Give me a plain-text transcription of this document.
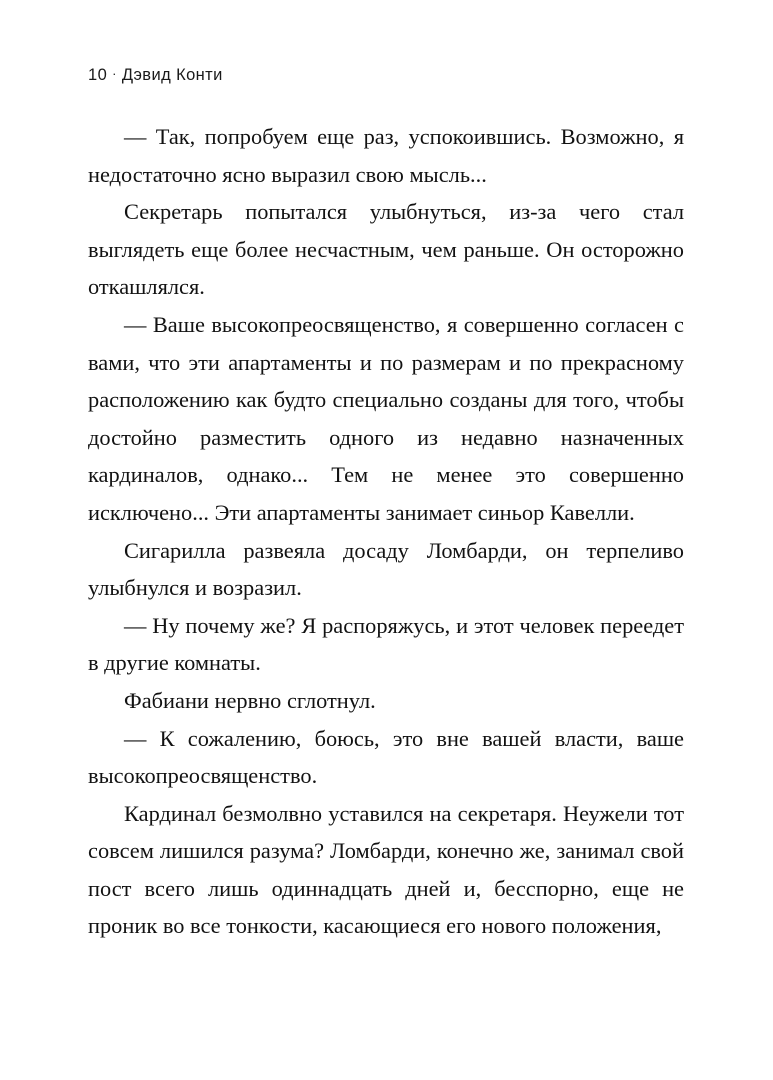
10 · Дэвид Конти

— Так, попробуем еще раз, успокоившись. Возможно, я недостаточно ясно выразил свою мысль...

Секретарь попытался улыбнуться, из-за чего стал выглядеть еще более несчастным, чем раньше. Он осторожно откашлялся.

— Ваше высокопреосвященство, я совершенно согласен с вами, что эти апартаменты и по размерам и по прекрасному расположению как будто специально созданы для того, чтобы достойно разместить одного из недавно назначенных кардиналов, однако... Тем не менее это совершенно исключено... Эти апартаменты занимает синьор Кавелли.

Сигарилла развеяла досаду Ломбарди, он терпеливо улыбнулся и возразил.

— Ну почему же? Я распоряжусь, и этот человек переедет в другие комнаты.

Фабиани нервно сглотнул.

— К сожалению, боюсь, это вне вашей власти, ваше высокопреосвященство.

Кардинал безмолвно уставился на секретаря. Неужели тот совсем лишился разума? Ломбарди, конечно же, занимал свой пост всего лишь одиннадцать дней и, бесспорно, еще не проник во все тонкости, касающиеся его нового положения,
